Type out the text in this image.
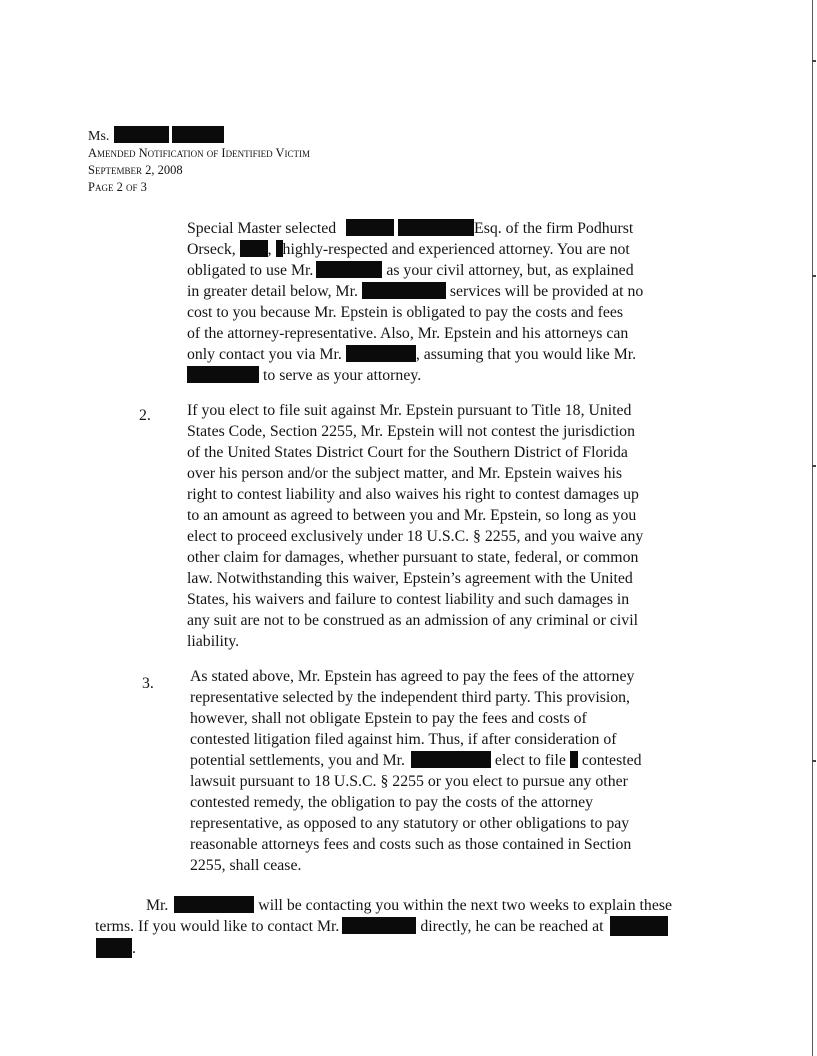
Ms.
Amended Notification of Identified Victim
September 2, 2008
Page 2 of 3
Special Master selected	Esq. of the firm Podhurst
Orseck, , highly-respected and experienced attorney. You are not
obligated to use Mr.	as your civil attorney, but, as explained
in greater detail below, Mr.	services will be provided at no
cost to you because Mr. Epstein is obligated to pay the costs and fees
of the attorney-representative. Also, Mr. Epstein and his attorneys can
only contact you via Mr.	, assuming that you would like Mr.
to serve as your attorney.
2. If you elect to file suit against Mr. Epstein pursuant to Title 18, United
States Code, Section 2255, Mr. Epstein will not contest the jurisdiction
of the United States District Court for the Southern District of Florida
over his person and/or the subject matter, and Mr. Epstein waives his
right to contest liability and also waives his right to contest damages up
to an amount as agreed to between you and Mr. Epstein, so long as you
elect to proceed exclusively under 18 U.S.C. § 2255, and you waive any
other claim for damages, whether pursuant to state, federal, or common
law. Notwithstanding this waiver, Epstein’s agreement with the United
States, his waivers and failure to contest liability and such damages in
any suit are not to be construed as an admission of any criminal or civil
liability.
3. As stated above, Mr. Epstein has agreed to pay the fees of the attorney
representative selected by the independent third party. This provision,
however, shall not obligate Epstein to pay the fees and costs of
contested litigation filed against him. Thus, if after consideration of
potential settlements, you and Mr.	elect to file contested
lawsuit pursuant to 18 U.S.C. § 2255 or you elect to pursue any other
contested remedy, the obligation to pay the costs of the attorney
representative, as opposed to any statutory or other obligations to pay
reasonable attorneys fees and costs such as those contained in Section
2255, shall cease.
Mr.	will be contacting you within the next two weeks to explain these
terms. If you would like to contact Mr.	directly, he can be reached at
.
